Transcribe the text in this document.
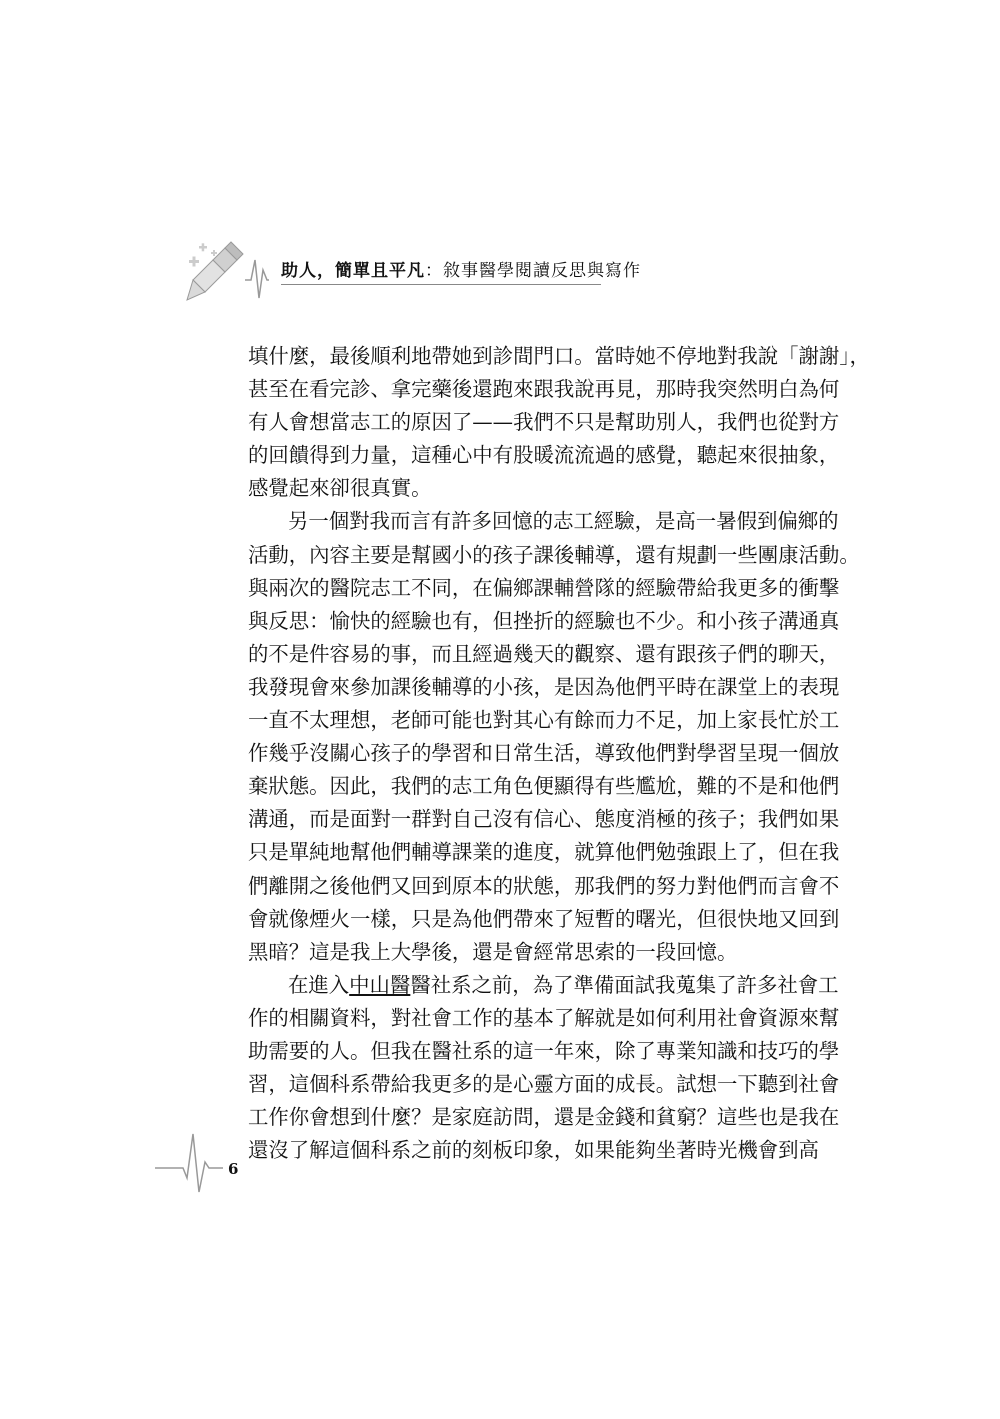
助人，簡單且平凡：敘事醫學閱讀反思與寫作
填什麼，最後順利地帶她到診間門口。當時她不停地對我說「謝謝」，
甚至在看完診、拿完藥後還跑來跟我說再見，那時我突然明白為何
有人會想當志工的原因了——我們不只是幫助別人，我們也從對方
的回饋得到力量，這種心中有股暖流流過的感覺，聽起來很抽象，
感覺起來卻很真實。
另一個對我而言有許多回憶的志工經驗，是高一暑假到偏鄉的
活動，內容主要是幫國小的孩子課後輔導，還有規劃一些團康活動。
與兩次的醫院志工不同，在偏鄉課輔營隊的經驗帶給我更多的衝擊
與反思：愉快的經驗也有，但挫折的經驗也不少。和小孩子溝通真
的不是件容易的事，而且經過幾天的觀察、還有跟孩子們的聊天，
我發現會來參加課後輔導的小孩，是因為他們平時在課堂上的表現
一直不太理想，老師可能也對其心有餘而力不足，加上家長忙於工
作幾乎沒關心孩子的學習和日常生活，導致他們對學習呈現一個放
棄狀態。因此，我們的志工角色便顯得有些尷尬，難的不是和他們
溝通，而是面對一群對自己沒有信心、態度消極的孩子；我們如果
只是單純地幫他們輔導課業的進度，就算他們勉強跟上了，但在我
們離開之後他們又回到原本的狀態，那我們的努力對他們而言會不
會就像煙火一樣，只是為他們帶來了短暫的曙光，但很快地又回到
黑暗？這是我上大學後，還是會經常思索的一段回憶。
在進入中山醫醫社系之前，為了準備面試我蒐集了許多社會工
作的相關資料，對社會工作的基本了解就是如何利用社會資源來幫
助需要的人。但我在醫社系的這一年來，除了專業知識和技巧的學
習，這個科系帶給我更多的是心靈方面的成長。試想一下聽到社會
工作你會想到什麼？是家庭訪問，還是金錢和貧窮？這些也是我在
還沒了解這個科系之前的刻板印象，如果能夠坐著時光機會到高
6
